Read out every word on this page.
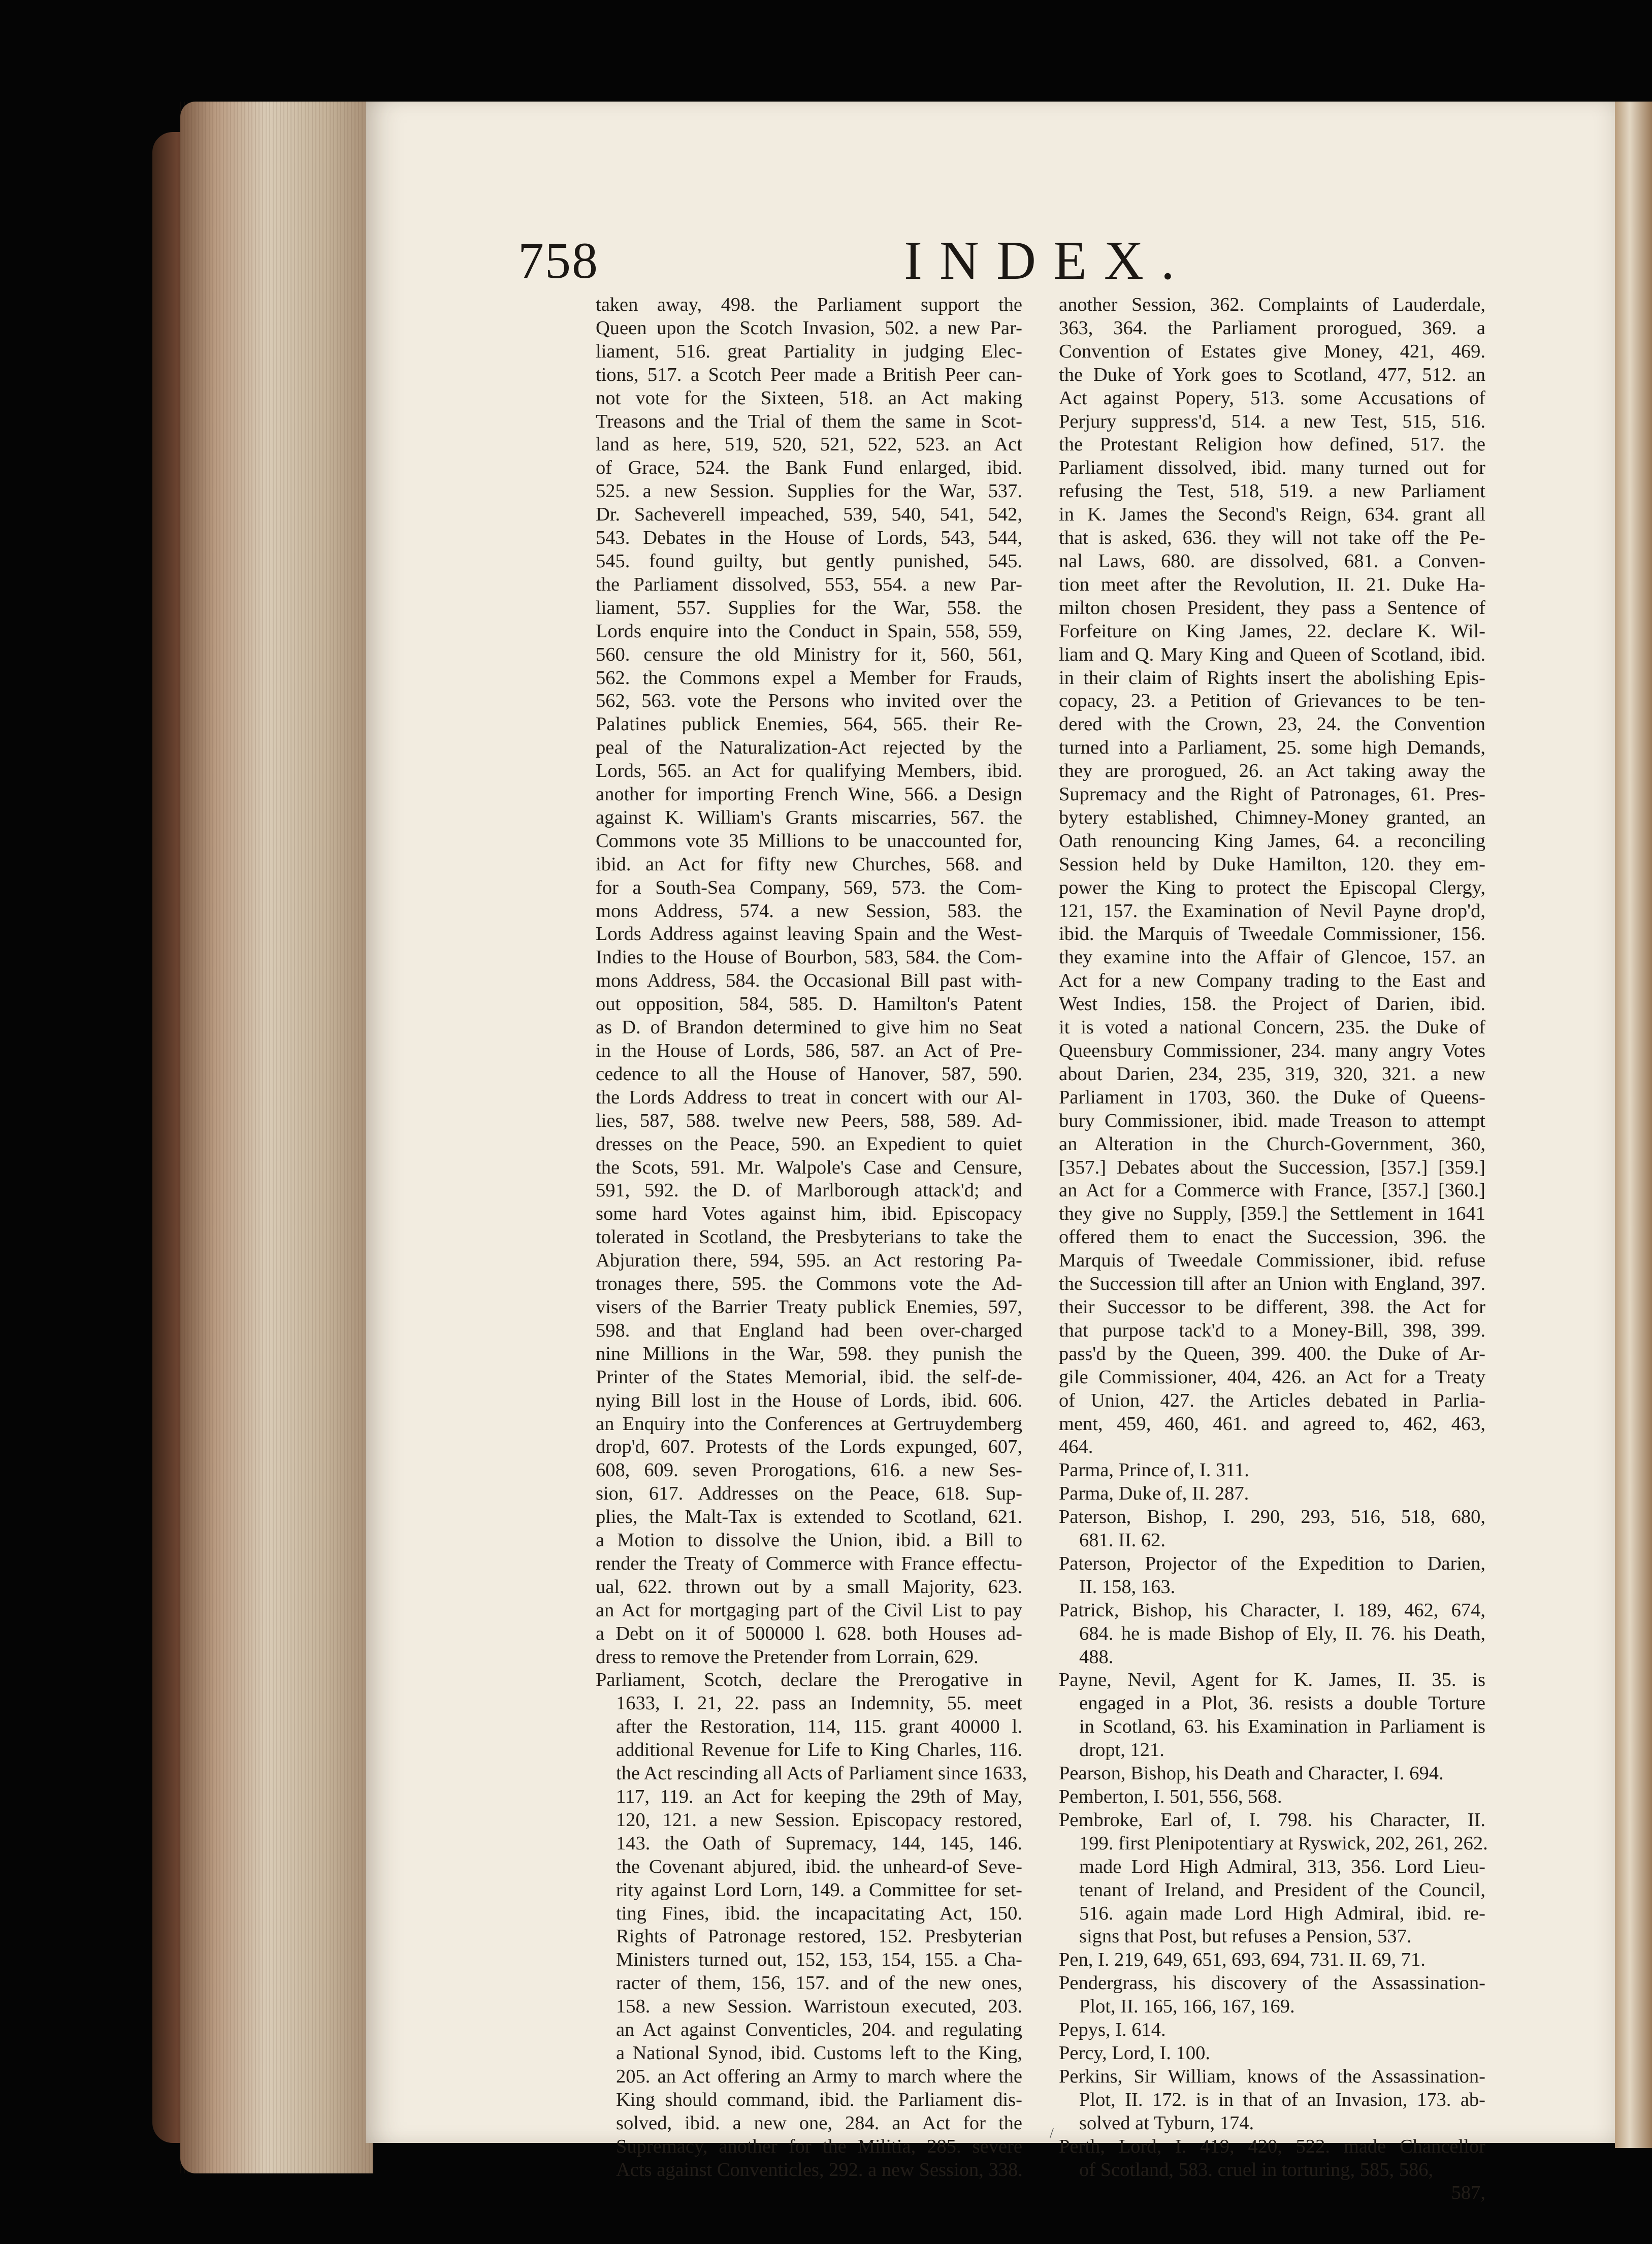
758	INDEX.
taken away, 498. the Parliament support the
Queen upon the Scotch Invasion, 502. a new Par-
liament, 516. great Partiality in judging Elec-
tions, 517. a Scotch Peer made a British Peer can-
not vote for the Sixteen, 518. an Act making
Treasons and the Trial of them the same in Scot-
land as here, 519, 520, 521, 522, 523. an Act
of Grace, 524. the Bank Fund enlarged, ibid.
525. a new Session. Supplies for the War, 537.
Dr. Sacheverell impeached, 539, 540, 541, 542,
543. Debates in the House of Lords, 543, 544,
545. found guilty, but gently punished, 545.
the Parliament dissolved, 553, 554. a new Par-
liament, 557. Supplies for the War, 558. the
Lords enquire into the Conduct in Spain, 558, 559,
560. censure the old Ministry for it, 560, 561,
562. the Commons expel a Member for Frauds,
562, 563. vote the Persons who invited over the
Palatines publick Enemies, 564, 565. their Re-
peal of the Naturalization-Act rejected by the
Lords, 565. an Act for qualifying Members, ibid.
another for importing French Wine, 566. a Design
against K. William's Grants miscarries, 567. the
Commons vote 35 Millions to be unaccounted for,
ibid. an Act for fifty new Churches, 568. and
for a South-Sea Company, 569, 573. the Com-
mons Address, 574. a new Session, 583. the
Lords Address against leaving Spain and the West-
Indies to the House of Bourbon, 583, 584. the Com-
mons Address, 584. the Occasional Bill past with-
out opposition, 584, 585. D. Hamilton's Patent
as D. of Brandon determined to give him no Seat
in the House of Lords, 586, 587. an Act of Pre-
cedence to all the House of Hanover, 587, 590.
the Lords Address to treat in concert with our Al-
lies, 587, 588. twelve new Peers, 588, 589. Ad-
dresses on the Peace, 590. an Expedient to quiet
the Scots, 591. Mr. Walpole's Case and Censure,
591, 592. the D. of Marlborough attack'd; and
some hard Votes against him, ibid. Episcopacy
tolerated in Scotland, the Presbyterians to take the
Abjuration there, 594, 595. an Act restoring Pa-
tronages there, 595. the Commons vote the Ad-
visers of the Barrier Treaty publick Enemies, 597,
598. and that England had been over-charged
nine Millions in the War, 598. they punish the
Printer of the States Memorial, ibid. the self-de-
nying Bill lost in the House of Lords, ibid. 606.
an Enquiry into the Conferences at Gertruydemberg
drop'd, 607. Protests of the Lords expunged, 607,
608, 609. seven Prorogations, 616. a new Ses-
sion, 617. Addresses on the Peace, 618. Sup-
plies, the Malt-Tax is extended to Scotland, 621.
a Motion to dissolve the Union, ibid. a Bill to
render the Treaty of Commerce with France effectu-
ual, 622. thrown out by a small Majority, 623.
an Act for mortgaging part of the Civil List to pay
a Debt on it of 500000 l. 628. both Houses ad-
dress to remove the Pretender from Lorrain, 629.
Parliament, Scotch, declare the Prerogative in
1633, I. 21, 22. pass an Indemnity, 55. meet
after the Restoration, 114, 115. grant 40000 l.
additional Revenue for Life to King Charles, 116.
the Act rescinding all Acts of Parliament since 1633,
117, 119. an Act for keeping the 29th of May,
120, 121. a new Session. Episcopacy restored,
143. the Oath of Supremacy, 144, 145, 146.
the Covenant abjured, ibid. the unheard-of Seve-
rity against Lord Lorn, 149. a Committee for set-
ting Fines, ibid. the incapacitating Act, 150.
Rights of Patronage restored, 152. Presbyterian
Ministers turned out, 152, 153, 154, 155. a Cha-
racter of them, 156, 157. and of the new ones,
158. a new Session. Warristoun executed, 203.
an Act against Conventicles, 204. and regulating
a National Synod, ibid. Customs left to the King,
205. an Act offering an Army to march where the
King should command, ibid. the Parliament dis-
solved, ibid. a new one, 284. an Act for the
Supremacy, another for the Militia, 285. severe
Acts against Conventicles, 292. a new Session, 338.
another Session, 362. Complaints of Lauderdale,
363, 364. the Parliament prorogued, 369. a
Convention of Estates give Money, 421, 469.
the Duke of York goes to Scotland, 477, 512. an
Act against Popery, 513. some Accusations of
Perjury suppress'd, 514. a new Test, 515, 516.
the Protestant Religion how defined, 517. the
Parliament dissolved, ibid. many turned out for
refusing the Test, 518, 519. a new Parliament
in K. James the Second's Reign, 634. grant all
that is asked, 636. they will not take off the Pe-
nal Laws, 680. are dissolved, 681. a Conven-
tion meet after the Revolution, II. 21. Duke Ha-
milton chosen President, they pass a Sentence of
Forfeiture on King James, 22. declare K. Wil-
liam and Q. Mary King and Queen of Scotland, ibid.
in their claim of Rights insert the abolishing Epis-
copacy, 23. a Petition of Grievances to be ten-
dered with the Crown, 23, 24. the Convention
turned into a Parliament, 25. some high Demands,
they are prorogued, 26. an Act taking away the
Supremacy and the Right of Patronages, 61. Pres-
bytery established, Chimney-Money granted, an
Oath renouncing King James, 64. a reconciling
Session held by Duke Hamilton, 120. they em-
power the King to protect the Episcopal Clergy,
121, 157. the Examination of Nevil Payne drop'd,
ibid. the Marquis of Tweedale Commissioner, 156.
they examine into the Affair of Glencoe, 157. an
Act for a new Company trading to the East and
West Indies, 158. the Project of Darien, ibid.
it is voted a national Concern, 235. the Duke of
Queensbury Commissioner, 234. many angry Votes
about Darien, 234, 235, 319, 320, 321. a new
Parliament in 1703, 360. the Duke of Queens-
bury Commissioner, ibid. made Treason to attempt
an Alteration in the Church-Government, 360,
[357.] Debates about the Succession, [357.] [359.]
an Act for a Commerce with France, [357.] [360.]
they give no Supply, [359.] the Settlement in 1641
offered them to enact the Succession, 396. the
Marquis of Tweedale Commissioner, ibid. refuse
the Succession till after an Union with England, 397.
their Successor to be different, 398. the Act for
that purpose tack'd to a Money-Bill, 398, 399.
pass'd by the Queen, 399. 400. the Duke of Ar-
gile Commissioner, 404, 426. an Act for a Treaty
of Union, 427. the Articles debated in Parlia-
ment, 459, 460, 461. and agreed to, 462, 463,
464.
Parma, Prince of, I. 311.
Parma, Duke of, II. 287.
Paterson, Bishop, I. 290, 293, 516, 518, 680,
681. II. 62.
Paterson, Projector of the Expedition to Darien,
II. 158, 163.
Patrick, Bishop, his Character, I. 189, 462, 674,
684. he is made Bishop of Ely, II. 76. his Death,
488.
Payne, Nevil, Agent for K. James, II. 35. is
engaged in a Plot, 36. resists a double Torture
in Scotland, 63. his Examination in Parliament is
dropt, 121.
Pearson, Bishop, his Death and Character, I. 694.
Pemberton, I. 501, 556, 568.
Pembroke, Earl of, I. 798. his Character, II.
199. first Plenipotentiary at Ryswick, 202, 261, 262.
made Lord High Admiral, 313, 356. Lord Lieu-
tenant of Ireland, and President of the Council,
516. again made Lord High Admiral, ibid. re-
signs that Post, but refuses a Pension, 537.
Pen, I. 219, 649, 651, 693, 694, 731. II. 69, 71.
Pendergrass, his discovery of the Assassination-
Plot, II. 165, 166, 167, 169.
Pepys, I. 614.
Percy, Lord, I. 100.
Perkins, Sir William, knows of the Assassination-
Plot, II. 172. is in that of an Invasion, 173. ab-
solved at Tyburn, 174.
Perth, Lord, I. 419, 420, 522. made Chancellor
of Scotland, 583. cruel in torturing, 585, 586,
587,
/
